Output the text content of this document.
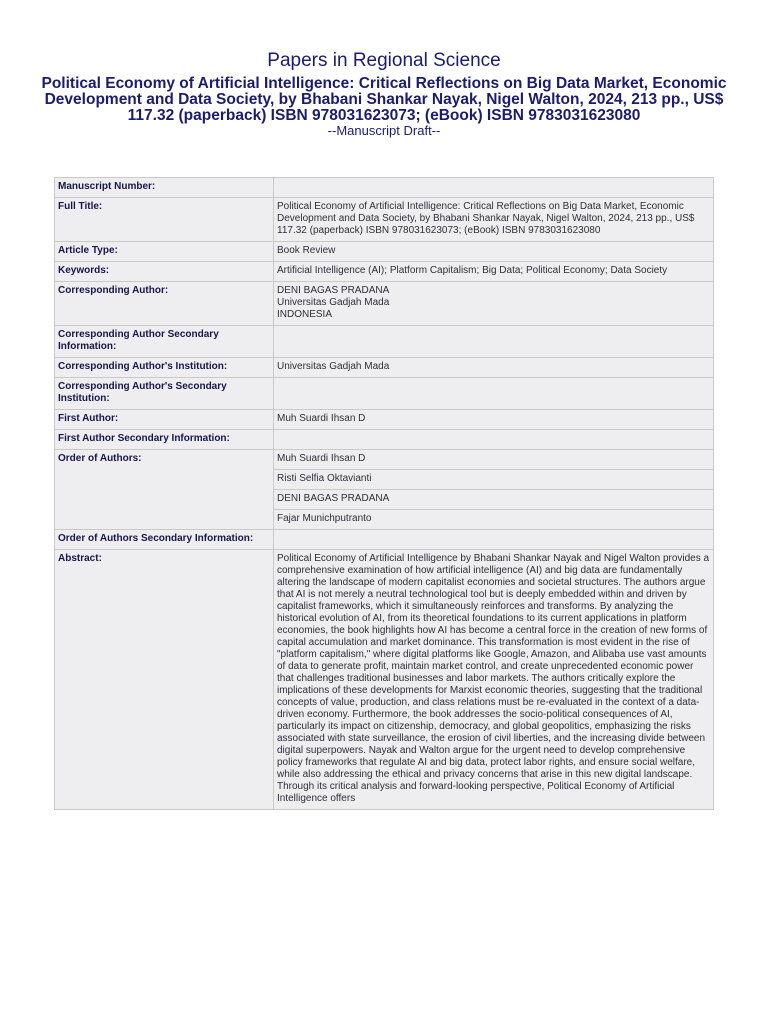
Papers in Regional Science
Political Economy of Artificial Intelligence: Critical Reflections on Big Data Market, Economic Development and Data Society, by Bhabani Shankar Nayak, Nigel Walton, 2024, 213 pp., US$ 117.32 (paperback) ISBN 978031623073; (eBook) ISBN 9783031623080
--Manuscript Draft--
Manuscript Number:	
Full Title:	Political Economy of Artificial Intelligence: Critical Reflections on Big Data Market, Economic Development and Data Society, by Bhabani Shankar Nayak, Nigel Walton, 2024, 213 pp., US$ 117.32 (paperback) ISBN 978031623073; (eBook) ISBN 9783031623080
Article Type:	Book Review
Keywords:	Artificial Intelligence (AI); Platform Capitalism; Big Data; Political Economy; Data Society
Corresponding Author:	DENI BAGAS PRADANA
Universitas Gadjah Mada
INDONESIA

Corresponding Author Secondary Information:	
Corresponding Author's Institution:	Universitas Gadjah Mada
Corresponding Author's Secondary Institution:	
First Author:	Muh Suardi Ihsan D
First Author Secondary Information:	
Order of Authors:	Muh Suardi Ihsan D
	Risti Selfia Oktavianti
	DENI BAGAS PRADANA
	Fajar Munichputranto
Order of Authors Secondary Information:	
Abstract:	Political Economy of Artificial Intelligence by Bhabani Shankar Nayak and Nigel Walton provides a comprehensive examination of how artificial intelligence (AI) and big data are fundamentally altering the landscape of modern capitalist economies and societal structures. The authors argue that AI is not merely a neutral technological tool but is deeply embedded within and driven by capitalist frameworks, which it simultaneously reinforces and transforms. By analyzing the historical evolution of AI, from its theoretical foundations to its current applications in platform economies, the book highlights how AI has become a central force in the creation of new forms of capital accumulation and market dominance. This transformation is most evident in the rise of "platform capitalism," where digital platforms like Google, Amazon, and Alibaba use vast amounts of data to generate profit, maintain market control, and create unprecedented economic power that challenges traditional businesses and labor markets. The authors critically explore the implications of these developments for Marxist economic theories, suggesting that the traditional concepts of value, production, and class relations must be re-evaluated in the context of a data-driven economy. Furthermore, the book addresses the socio-political consequences of AI, particularly its impact on citizenship, democracy, and global geopolitics, emphasizing the risks associated with state surveillance, the erosion of civil liberties, and the increasing divide between digital superpowers. Nayak and Walton argue for the urgent need to develop comprehensive policy frameworks that regulate AI and big data, protect labor rights, and ensure social welfare, while also addressing the ethical and privacy concerns that arise in this new digital landscape. Through its critical analysis and forward-looking perspective, Political Economy of Artificial Intelligence offers
